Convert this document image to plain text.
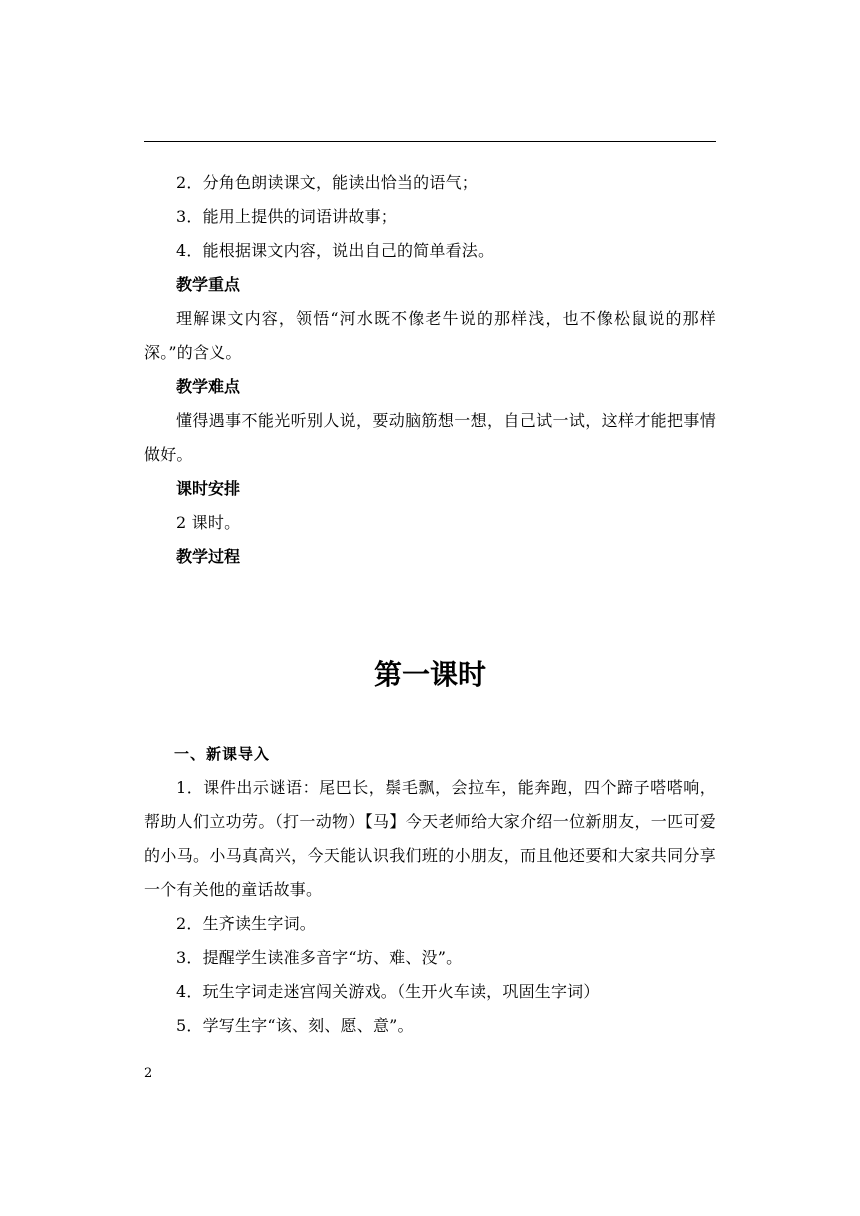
2．分角色朗读课文，能读出恰当的语气；

3．能用上提供的词语讲故事；

4．能根据课文内容，说出自己的简单看法。

教学重点

理解课文内容，领悟“河水既不像老牛说的那样浅，也不像松鼠说的那样深。”的含义。

教学难点

懂得遇事不能光听别人说，要动脑筋想一想，自己试一试，这样才能把事情做好。

课时安排

2 课时。

教学过程

第一课时

一、新课导入

1．课件出示谜语：尾巴长，鬃毛飘，会拉车，能奔跑，四个蹄子嗒嗒响，帮助人们立功劳。（打一动物）【马】今天老师给大家介绍一位新朋友，一匹可爱的小马。小马真高兴，今天能认识我们班的小朋友，而且他还要和大家共同分享一个有关他的童话故事。

2．生齐读生字词。

3．提醒学生读准多音字“坊、难、没”。

4．玩生字词走迷宫闯关游戏。（生开火车读，巩固生字词）

5．学写生字“该、刻、愿、意”。

2
